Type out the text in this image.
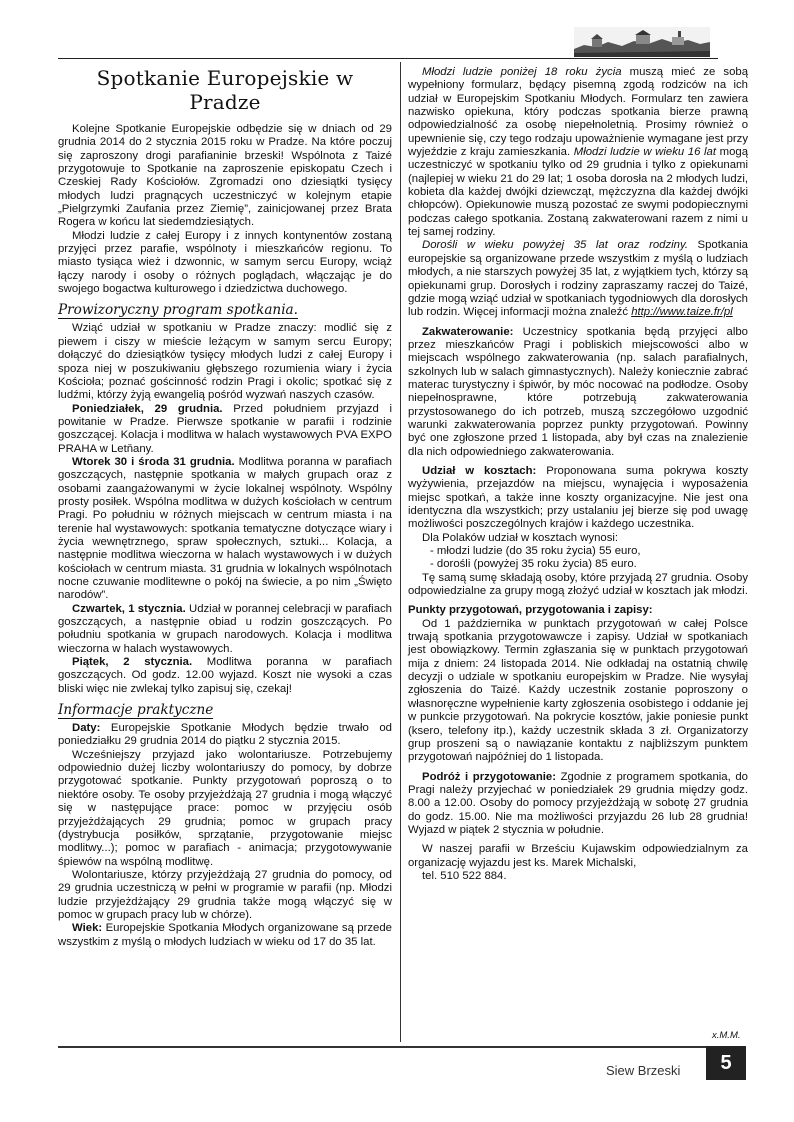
Spotkanie Europejskie w Pradze

Kolejne Spotkanie Europejskie odbędzie się w dniach od 29 grudnia 2014 do 2 stycznia 2015 roku w Pradze. Na które poczuj się zaproszony drogi parafianinie brzeski! Wspólnota z Taizé przygotowuje to Spotkanie na zaproszenie episkopatu Czech i Czeskiej Rady Kościołów. Zgromadzi ono dziesiątki tysięcy młodych ludzi pragnących uczestniczyć w kolejnym etapie „Pielgrzymki Zaufania przez Ziemię”, zainicjowanej przez Brata Rogera w końcu lat siedemdziesiątych.

Młodzi ludzie z całej Europy i z innych kontynentów zostaną przyjęci przez parafie, wspólnoty i mieszkańców regionu. To miasto tysiąca wież i dzwonnic, w samym sercu Europy, wciąż łączy narody i osoby o różnych poglądach, włączając je do swojego bogactwa kulturowego i dziedzictwa duchowego.

Prowizoryczny program spotkania.

Wziąć udział w spotkaniu w Pradze znaczy: modlić się z piewem i ciszy w mieście leżącym w samym sercu Europy; dołączyć do dziesiątków tysięcy młodych ludzi z całej Europy i spoza niej w poszukiwaniu głębszego rozumienia wiary i życia Kościoła; poznać gościnność rodzin Pragi i okolic; spotkać się z ludźmi, którzy żyją ewangelią pośród wyzwań naszych czasów.

Poniedziałek, 29 grudnia. Przed południem przyjazd i powitanie w Pradze. Pierwsze spotkanie w parafii i rodzinie goszczącej. Kolacja i modlitwa w halach wystawowych PVA EXPO PRAHA w Letňany.

Wtorek 30 i środa 31 grudnia. Modlitwa poranna w parafiach goszczących, następnie spotkania w małych grupach oraz z osobami zaangażowanymi w życie lokalnej wspólnoty. Wspólny prosty posiłek. Wspólna modlitwa w dużych kościołach w centrum Pragi. Po południu w różnych miejscach w centrum miasta i na terenie hal wystawowych: spotkania tematyczne dotyczące wiary i życia wewnętrznego, spraw społecznych, sztuki... Kolacja, a następnie modlitwa wieczorna w halach wystawowych i w dużych kościołach w centrum miasta. 31 grudnia w lokalnych wspólnotach nocne czuwanie modlitewne o pokój na świecie, a po nim „Święto narodów”.

Czwartek, 1 stycznia. Udział w porannej celebracji w parafiach goszczących, a następnie obiad u rodzin goszczących. Po południu spotkania w grupach narodowych. Kolacja i modlitwa wieczorna w halach wystawowych.

Piątek, 2 stycznia. Modlitwa poranna w parafiach goszczących. Od godz. 12.00 wyjazd. Koszt nie wysoki a czas bliski więc nie zwlekaj tylko zapisuj się, czekaj!

Informacje praktyczne

Daty: Europejskie Spotkanie Młodych będzie trwało od poniedziałku 29 grudnia 2014 do piątku 2 stycznia 2015.

Wcześniejszy przyjazd jako wolontariusze. Potrzebujemy odpowiednio dużej liczby wolontariuszy do pomocy, by dobrze przygotować spotkanie. Punkty przygotowań poproszą o to niektóre osoby. Te osoby przyjeżdżają 27 grudnia i mogą włączyć się w następujące prace: pomoc w przyjęciu osób przyjeżdżających 29 grudnia; pomoc w grupach pracy (dystrybucja posiłków, sprzątanie, przygotowanie miejsc modlitwy...); pomoc w parafiach - animacja; przygotowywanie śpiewów na wspólną modlitwę.

Wolontariusze, którzy przyjeżdżają 27 grudnia do pomocy, od 29 grudnia uczestniczą w pełni w programie w parafii (np. Młodzi ludzie przyjeżdżający 29 grudnia także mogą włączyć się w pomoc w grupach pracy lub w chórze).

Wiek: Europejskie Spotkania Młodych organizowane są przede wszystkim z myślą o młodych ludziach w wieku od 17 do 35 lat.

Młodzi ludzie poniżej 18 roku życia muszą mieć ze sobą wypełniony formularz, będący pisemną zgodą rodziców na ich udział w Europejskim Spotkaniu Młodych. Formularz ten zawiera nazwisko opiekuna, który podczas spotkania bierze prawną odpowiedzialność za osobę niepełnoletnią. Prosimy również o upewnienie się, czy tego rodzaju upoważnienie wymagane jest przy wyjeździe z kraju zamieszkania. Młodzi ludzie w wieku 16 lat mogą uczestniczyć w spotkaniu tylko od 29 grudnia i tylko z opiekunami (najlepiej w wieku 21 do 29 lat; 1 osoba dorosła na 2 młodych ludzi, kobieta dla każdej dwójki dziewcząt, mężczyzna dla każdej dwójki chłopców). Opiekunowie muszą pozostać ze swymi podopiecznymi podczas całego spotkania. Zostaną zakwaterowani razem z nimi u tej samej rodziny.

Dorośli w wieku powyżej 35 lat oraz rodziny. Spotkania europejskie są organizowane przede wszystkim z myślą o ludziach młodych, a nie starszych powyżej 35 lat, z wyjątkiem tych, którzy są opiekunami grup. Dorosłych i rodziny zapraszamy raczej do Taizé, gdzie mogą wziąć udział w spotkaniach tygodniowych dla dorosłych lub rodzin. Więcej informacji można znaleźć http://www.taize.fr/pl

Zakwaterowanie: Uczestnicy spotkania będą przyjęci albo przez mieszkańców Pragi i pobliskich miejscowości albo w miejscach wspólnego zakwaterowania (np. salach parafialnych, szkolnych lub w salach gimnastycznych). Należy koniecznie zabrać materac turystyczny i śpiwór, by móc nocować na podłodze. Osoby niepełnosprawne, które potrzebują zakwaterowania przystosowanego do ich potrzeb, muszą szczegółowo uzgodnić warunki zakwaterowania poprzez punkty przygotowań. Powinny być one zgłoszone przed 1 listopada, aby był czas na znalezienie dla nich odpowiedniego zakwaterowania.

Udział w kosztach: Proponowana suma pokrywa koszty wyżywienia, przejazdów na miejscu, wynajęcia i wyposażenia miejsc spotkań, a także inne koszty organizacyjne. Nie jest ona identyczna dla wszystkich; przy ustalaniu jej bierze się pod uwagę możliwości poszczególnych krajów i każdego uczestnika.

Dla Polaków udział w kosztach wynosi:

- młodzi ludzie (do 35 roku życia) 55 euro,

- dorośli (powyżej 35 roku życia) 85 euro.

Tę samą sumę składają osoby, które przyjadą 27 grudnia. Osoby odpowiedzialne za grupy mogą złożyć udział w kosztach jak młodzi.

Punkty przygotowań, przygotowania i zapisy:

Od 1 października w punktach przygotowań w całej Polsce trwają spotkania przygotowawcze i zapisy. Udział w spotkaniach jest obowiązkowy. Termin zgłaszania się w punktach przygotowań mija z dniem: 24 listopada 2014. Nie odkładaj na ostatnią chwilę decyzji o udziale w spotkaniu europejskim w Pradze. Nie wysyłaj zgłoszenia do Taizé. Każdy uczestnik zostanie poproszony o własnoręczne wypełnienie karty zgłoszenia osobistego i oddanie jej w punkcie przygotowań. Na pokrycie kosztów, jakie poniesie punkt (ksero, telefony itp.), każdy uczestnik składa 3 zł. Organizatorzy grup proszeni są o nawiązanie kontaktu z najbliższym punktem przygotowań najpóźniej do 1 listopada.

Podróż i przygotowanie: Zgodnie z programem spotkania, do Pragi należy przyjechać w poniedziałek 29 grudnia między godz. 8.00 a 12.00. Osoby do pomocy przyjeżdżają w sobotę 27 grudnia do godz. 15.00. Nie ma możliwości przyjazdu 26 lub 28 grudnia! Wyjazd w piątek 2 stycznia w południe.

W naszej parafii w Brześciu Kujawskim odpowiedzialnym za organizację wyjazdu jest ks. Marek Michalski,

tel. 510 522 884.

x.M.M.
Siew Brzeski	5
